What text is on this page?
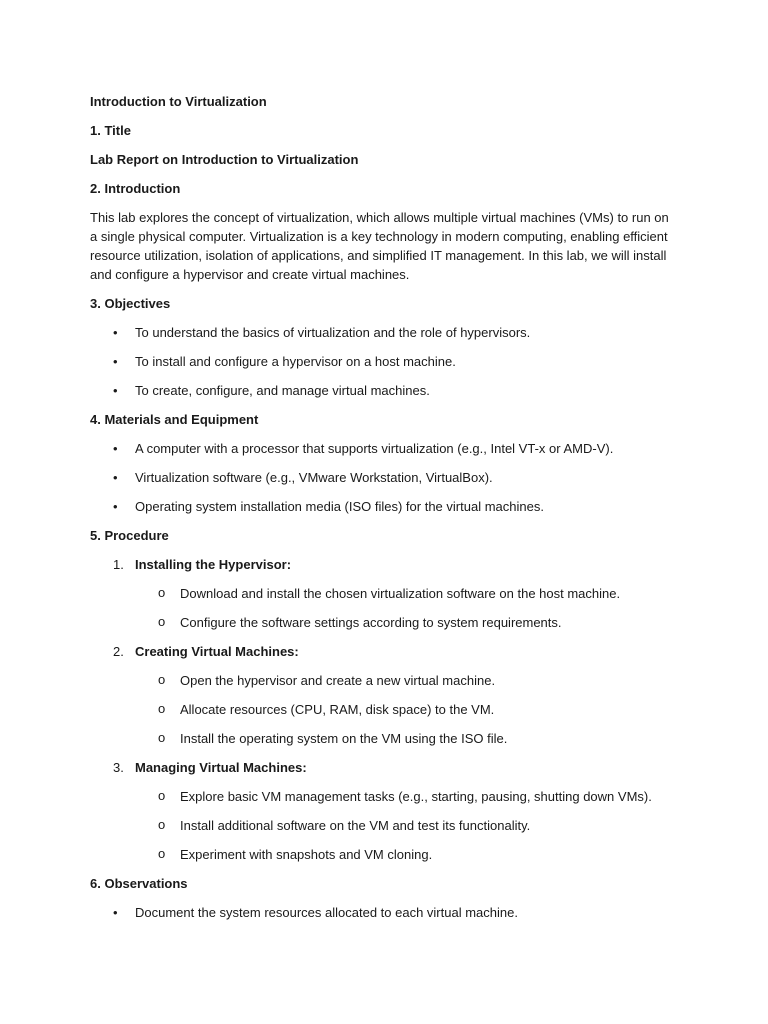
Introduction to Virtualization

1. Title

Lab Report on Introduction to Virtualization

2. Introduction

This lab explores the concept of virtualization, which allows multiple virtual machines (VMs) to run on a single physical computer. Virtualization is a key technology in modern computing, enabling efficient resource utilization, isolation of applications, and simplified IT management. In this lab, we will install and configure a hypervisor and create virtual machines.

3. Objectives

• To understand the basics of virtualization and the role of hypervisors.
• To install and configure a hypervisor on a host machine.
• To create, configure, and manage virtual machines.

4. Materials and Equipment

• A computer with a processor that supports virtualization (e.g., Intel VT-x or AMD-V).
• Virtualization software (e.g., VMware Workstation, VirtualBox).
• Operating system installation media (ISO files) for the virtual machines.

5. Procedure

1. Installing the Hypervisor:
o Download and install the chosen virtualization software on the host machine.
o Configure the software settings according to system requirements.
2. Creating Virtual Machines:
o Open the hypervisor and create a new virtual machine.
o Allocate resources (CPU, RAM, disk space) to the VM.
o Install the operating system on the VM using the ISO file.
3. Managing Virtual Machines:
o Explore basic VM management tasks (e.g., starting, pausing, shutting down VMs).
o Install additional software on the VM and test its functionality.
o Experiment with snapshots and VM cloning.

6. Observations

• Document the system resources allocated to each virtual machine.
